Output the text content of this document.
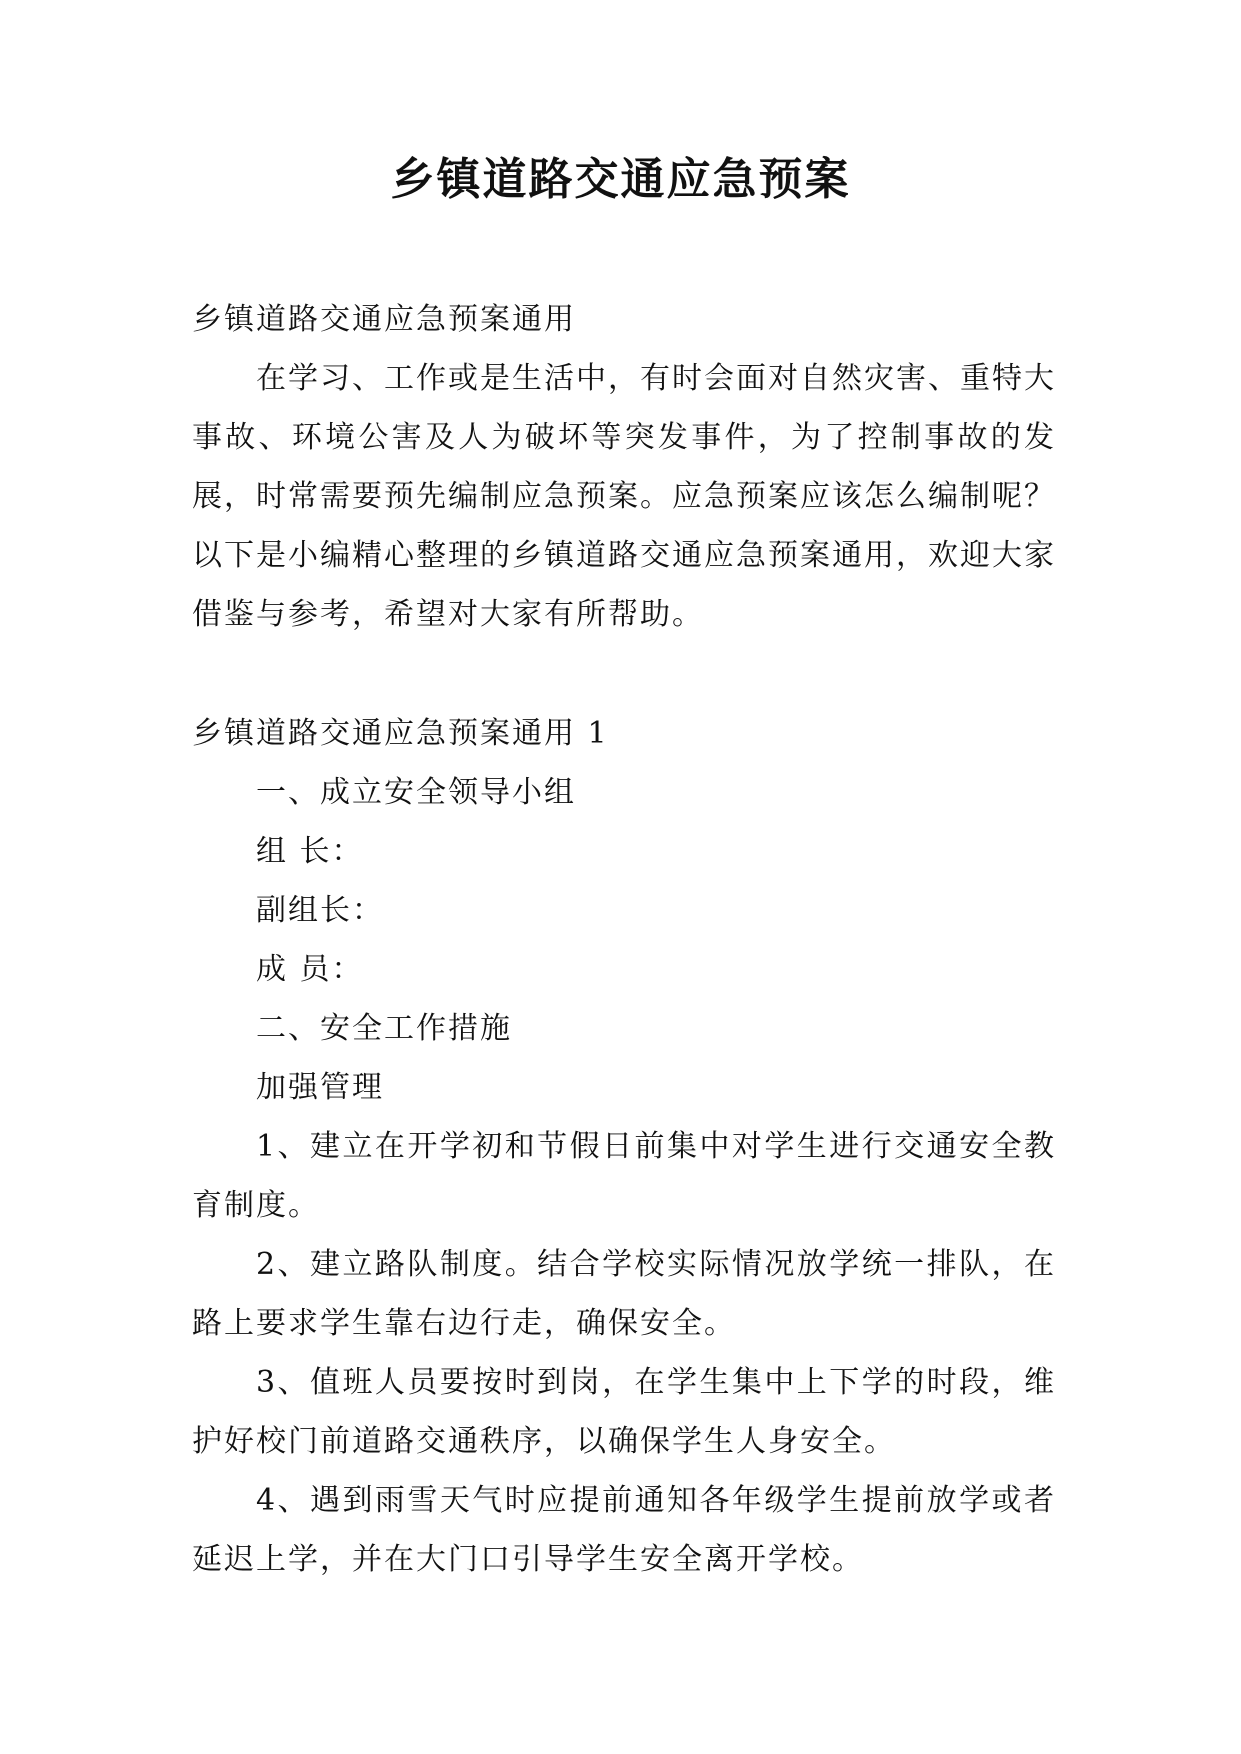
乡镇道路交通应急预案

乡镇道路交通应急预案通用

在学习、工作或是生活中，有时会面对自然灾害、重特大事故、环境公害及人为破坏等突发事件，为了控制事故的发展，时常需要预先编制应急预案。应急预案应该怎么编制呢？以下是小编精心整理的乡镇道路交通应急预案通用，欢迎大家借鉴与参考，希望对大家有所帮助。

乡镇道路交通应急预案通用 1

一、成立安全领导小组

组 长：

副组长：

成 员：

二、安全工作措施

加强管理

1、建立在开学初和节假日前集中对学生进行交通安全教育制度。

2、建立路队制度。结合学校实际情况放学统一排队，在路上要求学生靠右边行走，确保安全。

3、值班人员要按时到岗，在学生集中上下学的时段，维护好校门前道路交通秩序，以确保学生人身安全。

4、遇到雨雪天气时应提前通知各年级学生提前放学或者延迟上学，并在大门口引导学生安全离开学校。
